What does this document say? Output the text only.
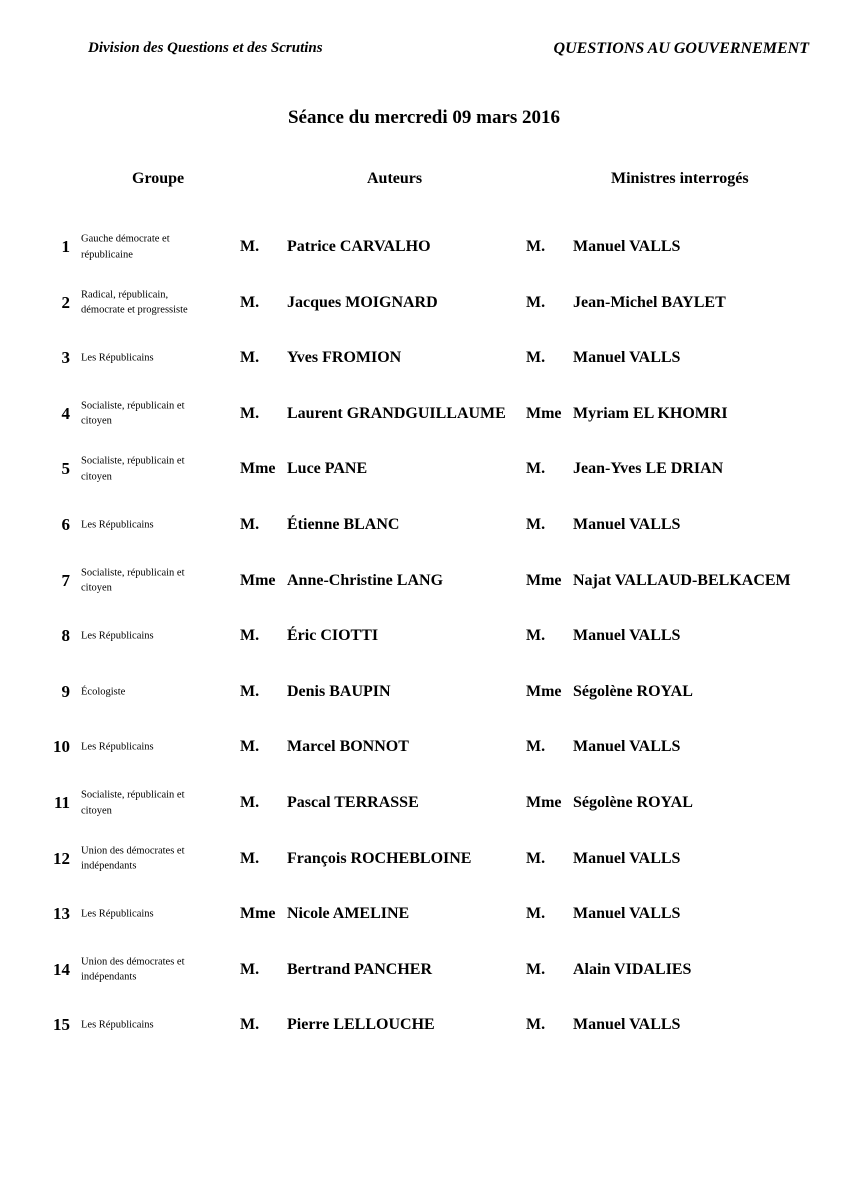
Division des Questions et des Scrutins	QUESTIONS AU GOUVERNEMENT
Séance du mercredi 09 mars 2016
Groupe	Auteurs	Ministres interrogés
1 Gauche démocrate et républicaine	M. Patrice CARVALHO	M. Manuel VALLS
2 Radical, républicain, démocrate et progressiste	M. Jacques MOIGNARD	M. Jean-Michel BAYLET
3 Les Républicains	M. Yves FROMION	M. Manuel VALLS
4 Socialiste, républicain et citoyen	M. Laurent GRANDGUILLAUME	Mme Myriam EL KHOMRI
5 Socialiste, républicain et citoyen	Mme Luce PANE	M. Jean-Yves LE DRIAN
6 Les Républicains	M. Étienne BLANC	M. Manuel VALLS
7 Socialiste, républicain et citoyen	Mme Anne-Christine LANG	Mme Najat VALLAUD-BELKACEM
8 Les Républicains	M. Éric CIOTTI	M. Manuel VALLS
9 Écologiste	M. Denis BAUPIN	Mme Ségolène ROYAL
10 Les Républicains	M. Marcel BONNOT	M. Manuel VALLS
11 Socialiste, républicain et citoyen	M. Pascal TERRASSE	Mme Ségolène ROYAL
12 Union des démocrates et indépendants	M. François ROCHEBLOINE	M. Manuel VALLS
13 Les Républicains	Mme Nicole AMELINE	M. Manuel VALLS
14 Union des démocrates et indépendants	M. Bertrand PANCHER	M. Alain VIDALIES
15 Les Républicains	M. Pierre LELLOUCHE	M. Manuel VALLS
